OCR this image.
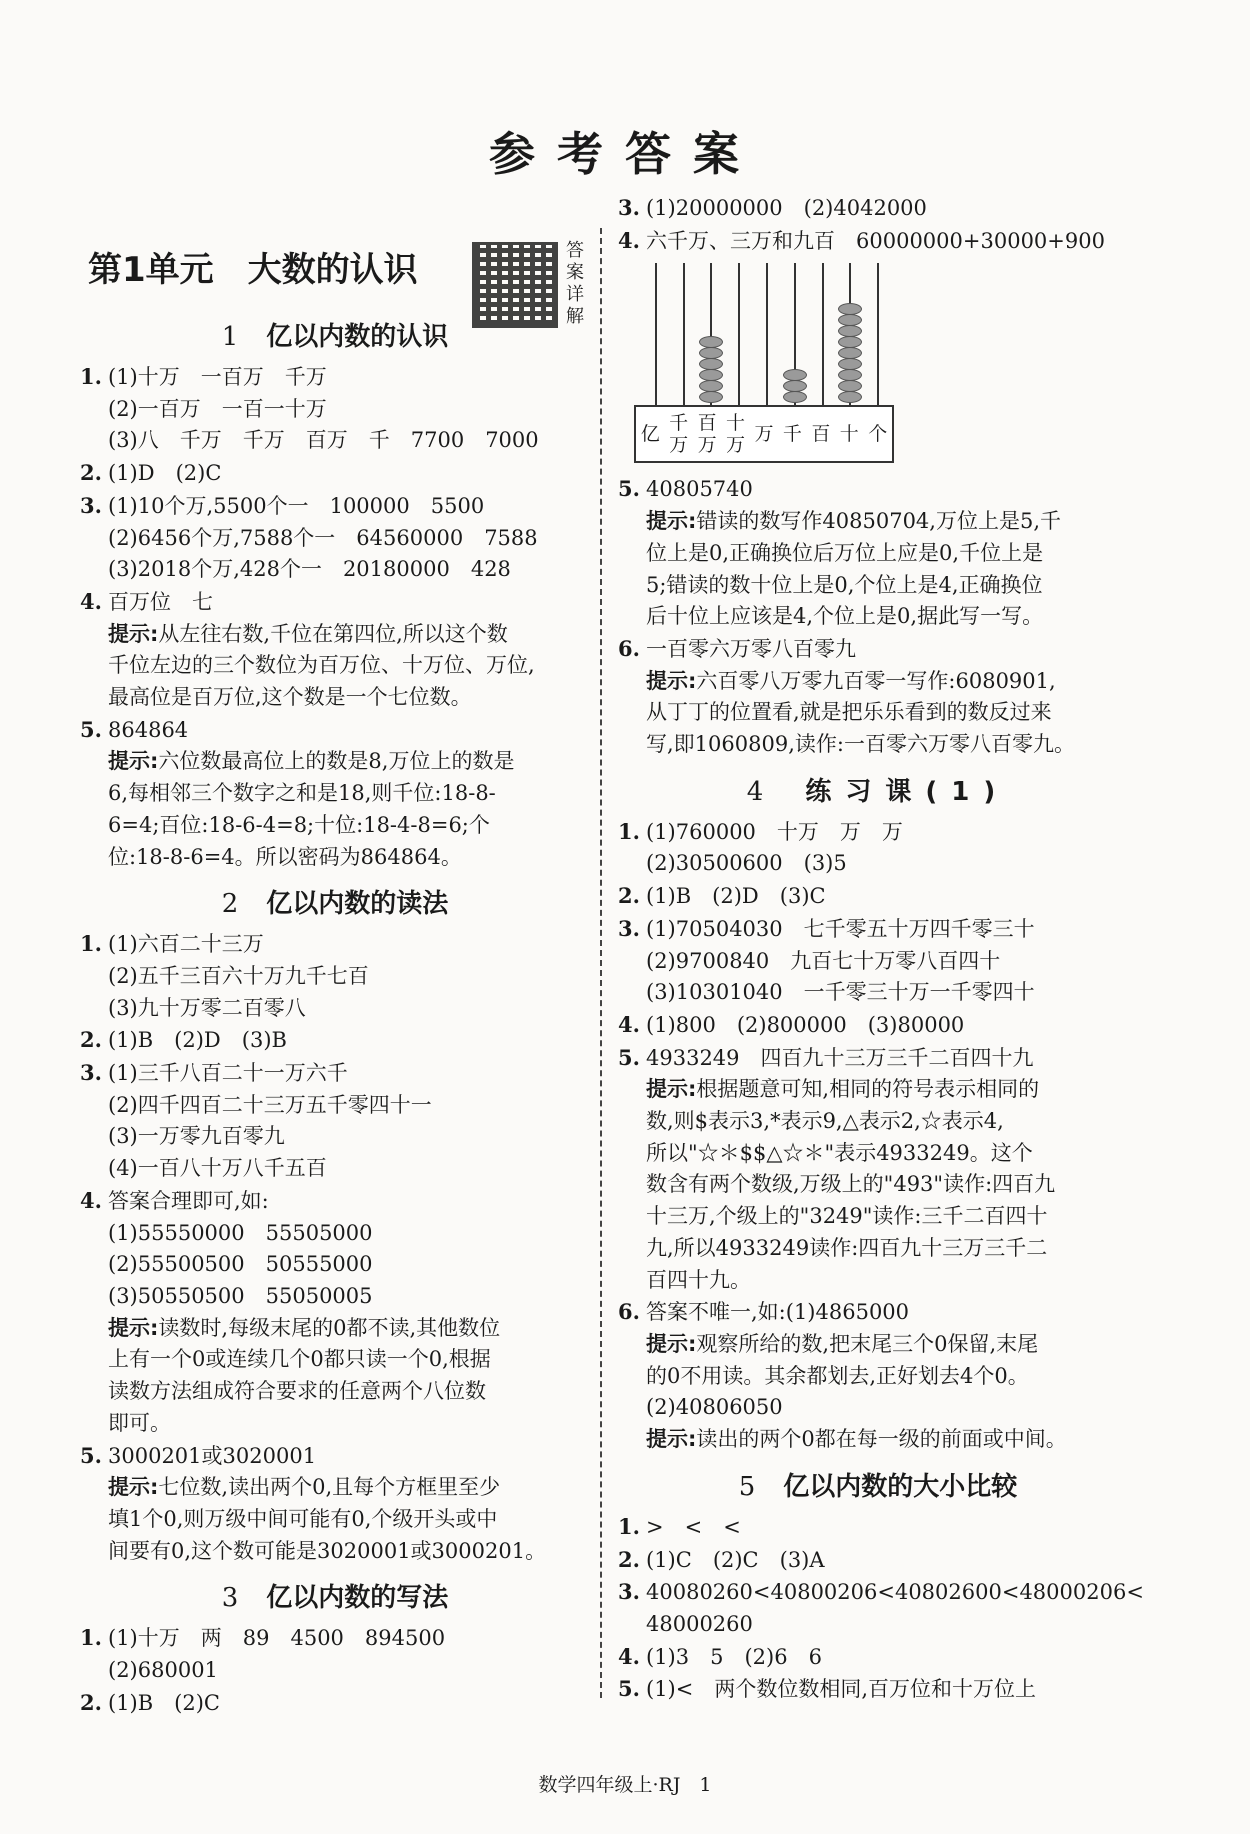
参考答案
第1单元 大数的认识	答案详解
1 亿以内数的认识
1. (1)十万　一百万　千万
(2)一百万　一百一十万
(3)八　千万　千万　百万　千　7700　7000
2. (1)D　(2)C
3. (1)10个万,5500个一　100000　5500
(2)6456个万,7588个一　64560000　7588
(3)2018个万,428个一　20180000　428
4. 百万位　七
提示:从左往右数,千位在第四位,所以这个数
千位左边的三个数位为百万位、十万位、万位,
最高位是百万位,这个数是一个七位数。
5. 864864
提示:六位数最高位上的数是8,万位上的数是
6,每相邻三个数字之和是18,则千位:18-8-
6=4;百位:18-6-4=8;十位:18-4-8=6;个
位:18-8-6=4。所以密码为864864。
2 亿以内数的读法
1. (1)六百二十三万
(2)五千三百六十万九千七百
(3)九十万零二百零八
2. (1)B　(2)D　(3)B
3. (1)三千八百二十一万六千
(2)四千四百二十三万五千零四十一
(3)一万零九百零九
(4)一百八十万八千五百
4. 答案合理即可,如:
(1)55550000　55505000
(2)55500500　50555000
(3)50550500　55050005
提示:读数时,每级末尾的0都不读,其他数位
上有一个0或连续几个0都只读一个0,根据
读数方法组成符合要求的任意两个八位数
即可。
5. 3000201或3020001
提示:七位数,读出两个0,且每个方框里至少
填1个0,则万级中间可能有0,个级开头或中
间要有0,这个数可能是3020001或3000201。
3 亿以内数的写法
1. (1)十万　两　89　4500　894500
(2)680001
2. (1)B　(2)C
3. (1)20000000　(2)4042000
4. 六千万、三万和九百　60000000+30000+900
亿 千万
百万
十万 万 千 百 十 个
5. 40805740
提示:错读的数写作40850704,万位上是5,千
位上是0,正确换位后万位上应是0,千位上是
5;错读的数十位上是0,个位上是4,正确换位
后十位上应该是4,个位上是0,据此写一写。
6. 一百零六万零八百零九
提示:六百零八万零九百零一写作:6080901,
从丁丁的位置看,就是把乐乐看到的数反过来
写,即1060809,读作:一百零六万零八百零九。
4 练习课(1)
1. (1)760000　十万　万　万
(2)30500600　(3)5
2. (1)B　(2)D　(3)C
3. (1)70504030　七千零五十万四千零三十
(2)9700840　九百七十万零八百四十
(3)10301040　一千零三十万一千零四十
4. (1)800　(2)800000　(3)80000
5. 4933249　四百九十三万三千二百四十九
提示:根据题意可知,相同的符号表示相同的
数,则$表示3,*表示9,△表示2,☆表示4,
所以"☆＊$$△☆＊"表示4933249。这个
数含有两个数级,万级上的"493"读作:四百九
十三万,个级上的"3249"读作:三千二百四十
九,所以4933249读作:四百九十三万三千二
百四十九。
6. 答案不唯一,如:(1)4865000
提示:观察所给的数,把末尾三个0保留,末尾
的0不用读。其余都划去,正好划去4个0。
(2)40806050
提示:读出的两个0都在每一级的前面或中间。
5 亿以内数的大小比较
1. >　<　<
2. (1)C　(2)C　(3)A
3. 40080260<40800206<40802600<48000206<
48000260
4. (1)3　5　(2)6　6
5. (1)<　两个数位数相同,百万位和十万位上
数学四年级上·RJ　1
